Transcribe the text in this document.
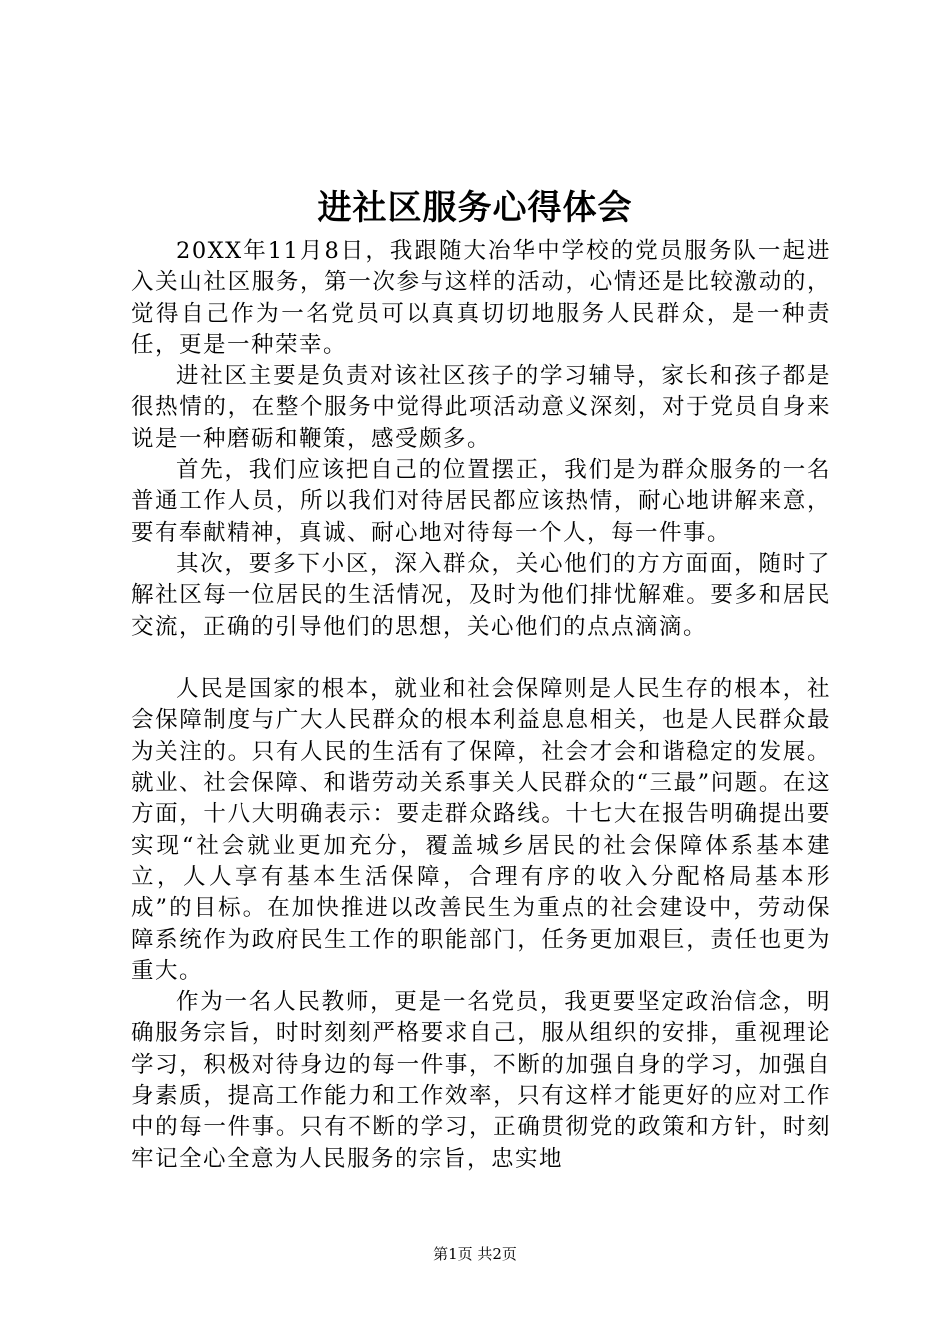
进社区服务心得体会

20XX年11月8日，我跟随大冶华中学校的党员服务队一起进入关山社区服务，第一次参与这样的活动，心情还是比较激动的，觉得自己作为一名党员可以真真切切地服务人民群众，是一种责任，更是一种荣幸。

进社区主要是负责对该社区孩子的学习辅导，家长和孩子都是很热情的，在整个服务中觉得此项活动意义深刻，对于党员自身来说是一种磨砺和鞭策，感受颇多。

首先，我们应该把自己的位置摆正，我们是为群众服务的一名普通工作人员，所以我们对待居民都应该热情，耐心地讲解来意，要有奉献精神，真诚、耐心地对待每一个人，每一件事。

其次，要多下小区，深入群众，关心他们的方方面面，随时了解社区每一位居民的生活情况，及时为他们排忧解难。要多和居民交流，正确的引导他们的思想，关心他们的点点滴滴。

人民是国家的根本，就业和社会保障则是人民生存的根本，社会保障制度与广大人民群众的根本利益息息相关，也是人民群众最为关注的。只有人民的生活有了保障，社会才会和谐稳定的发展。就业、社会保障、和谐劳动关系事关人民群众的“三最”问题。在这方面，十八大明确表示：要走群众路线。十七大在报告明确提出要实现“社会就业更加充分，覆盖城乡居民的社会保障体系基本建立，人人享有基本生活保障，合理有序的收入分配格局基本形成”的目标。在加快推进以改善民生为重点的社会建设中，劳动保障系统作为政府民生工作的职能部门，任务更加艰巨，责任也更为重大。

作为一名人民教师，更是一名党员，我更要坚定政治信念，明确服务宗旨，时时刻刻严格要求自己，服从组织的安排，重视理论学习，积极对待身边的每一件事，不断的加强自身的学习，加强自身素质，提高工作能力和工作效率，只有这样才能更好的应对工作中的每一件事。只有不断的学习，正确贯彻党的政策和方针，时刻牢记全心全意为人民服务的宗旨，忠实地

第1页 共2页
